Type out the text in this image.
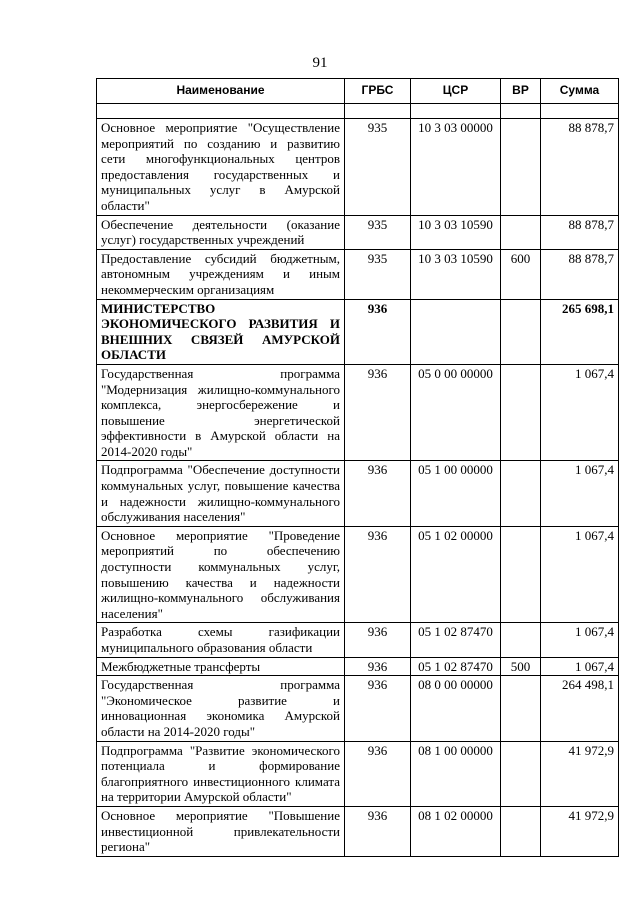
91
Наименование	ГРБС	ЦСР	ВР	Сумма

Основное мероприятие "Осуществление мероприятий по созданию и развитию сети многофункциональных центров предоставления государственных и муниципальных услуг в Амурской области"	935	10 3 03 00000		88 878,7
Обеспечение деятельности (оказание услуг) государственных учреждений	935	10 3 03 10590		88 878,7
Предоставление субсидий бюджетным, автономным учреждениям и иным некоммерческим организациям	935	10 3 03 10590	600	88 878,7
МИНИСТЕРСТВО ЭКОНОМИЧЕСКОГО РАЗВИТИЯ И ВНЕШНИХ СВЯЗЕЙ АМУРСКОЙ ОБЛАСТИ	936			265 698,1
Государственная программа "Модернизация жилищно-коммунального комплекса, энергосбережение и повышение энергетической эффективности в Амурской области на 2014-2020 годы"	936	05 0 00 00000		1 067,4
Подпрограмма "Обеспечение доступности коммунальных услуг, повышение качества и надежности жилищно-коммунального обслуживания населения"	936	05 1 00 00000		1 067,4
Основное мероприятие "Проведение мероприятий по обеспечению доступности коммунальных услуг, повышению качества и надежности жилищно-коммунального обслуживания населения"	936	05 1 02 00000		1 067,4
Разработка схемы газификации муниципального образования области	936	05 1 02 87470		1 067,4
Межбюджетные трансферты	936	05 1 02 87470	500	1 067,4
Государственная программа "Экономическое развитие и инновационная экономика Амурской области на 2014-2020 годы"	936	08 0 00 00000		264 498,1
Подпрограмма "Развитие экономического потенциала и формирование благоприятного инвестиционного климата на территории Амурской области"	936	08 1 00 00000		41 972,9
Основное мероприятие "Повышение инвестиционной привлекательности региона"	936	08 1 02 00000		41 972,9
